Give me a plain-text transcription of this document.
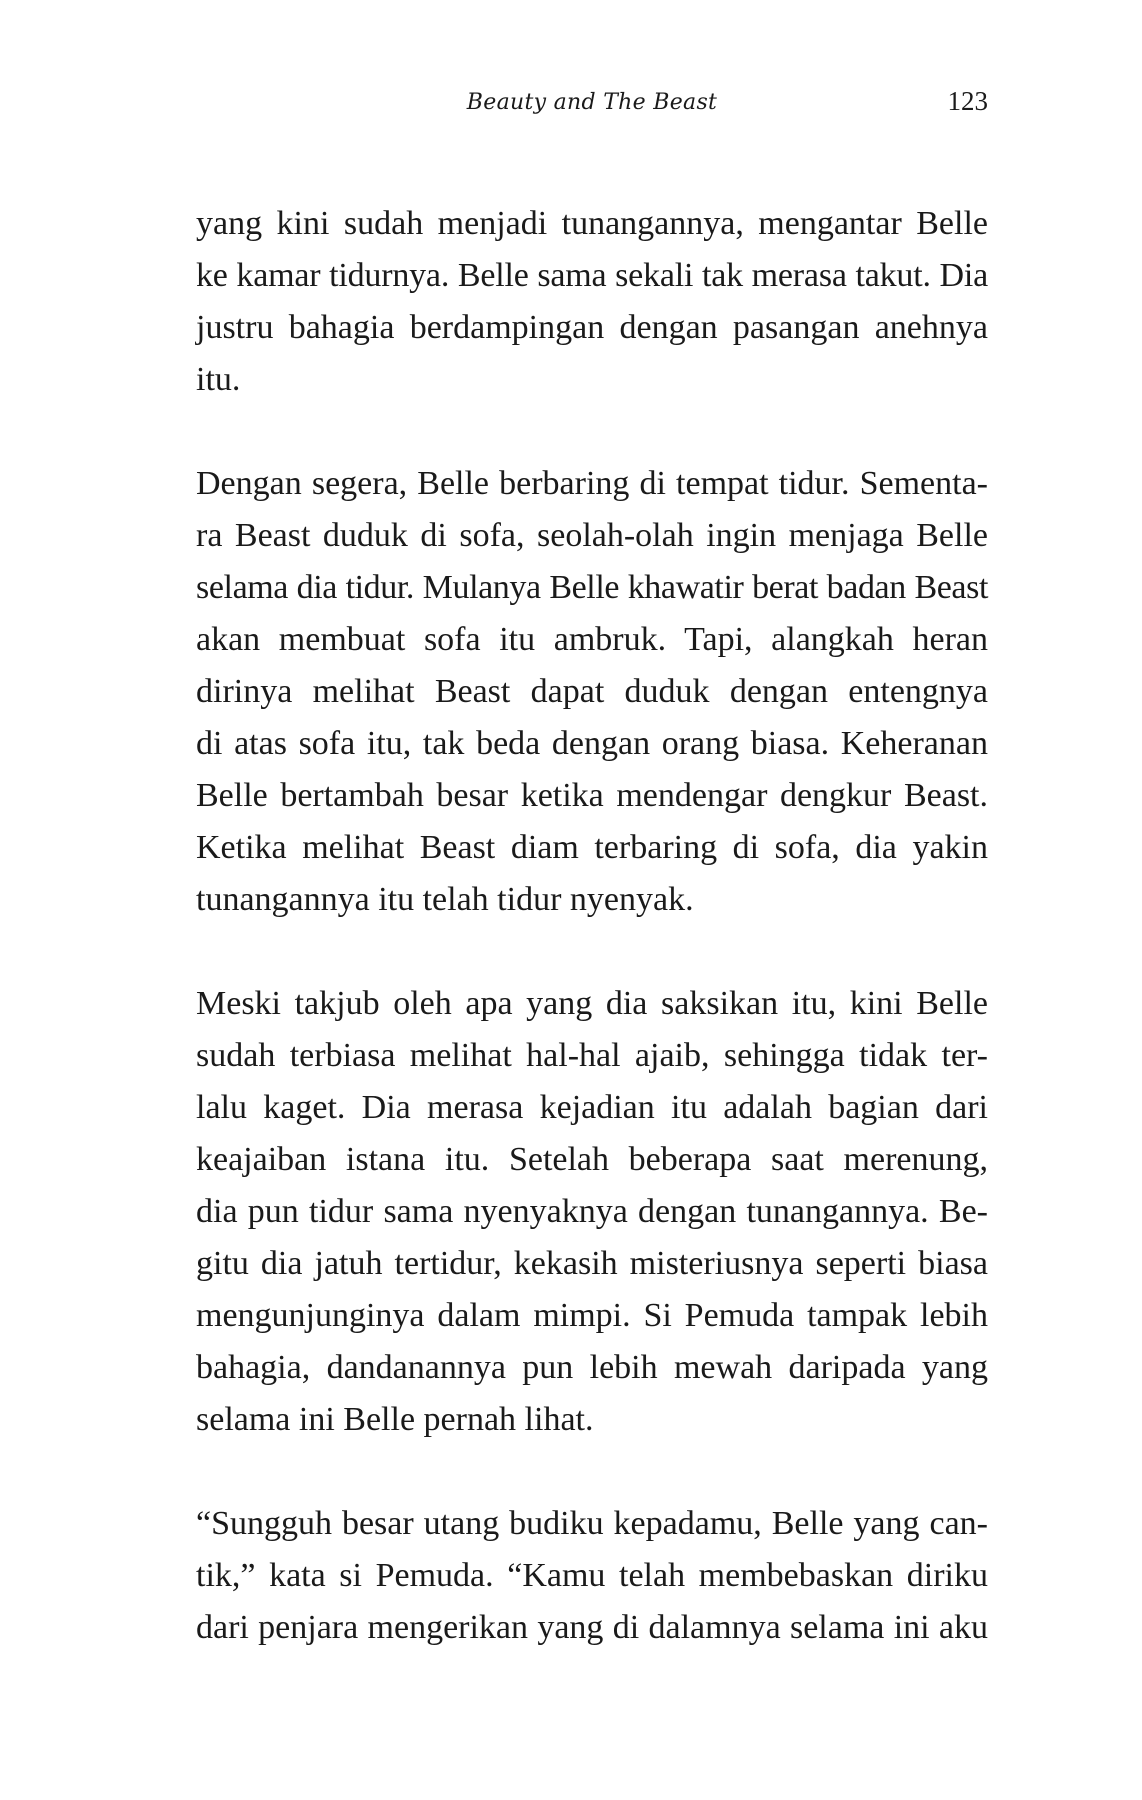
Beauty and The Beast	123

yang kini sudah menjadi tunangannya, mengantar Belle
ke kamar tidurnya. Belle sama sekali tak merasa takut. Dia
justru bahagia berdampingan dengan pasangan anehnya
itu.

Dengan segera, Belle berbaring di tempat tidur. Sementa-
ra Beast duduk di sofa, seolah-olah ingin menjaga Belle
selama dia tidur. Mulanya Belle khawatir berat badan Beast
akan membuat sofa itu ambruk. Tapi, alangkah heran
dirinya melihat Beast dapat duduk dengan entengnya
di atas sofa itu, tak beda dengan orang biasa. Keheranan
Belle bertambah besar ketika mendengar dengkur Beast.
Ketika melihat Beast diam terbaring di sofa, dia yakin
tunangannya itu telah tidur nyenyak.

Meski takjub oleh apa yang dia saksikan itu, kini Belle
sudah terbiasa melihat hal-hal ajaib, sehingga tidak ter-
lalu kaget. Dia merasa kejadian itu adalah bagian dari
keajaiban istana itu. Setelah beberapa saat merenung,
dia pun tidur sama nyenyaknya dengan tunangannya. Be-
gitu dia jatuh tertidur, kekasih misteriusnya seperti biasa
mengunjunginya dalam mimpi. Si Pemuda tampak lebih
bahagia, dandanannya pun lebih mewah daripada yang
selama ini Belle pernah lihat.

“Sungguh besar utang budiku kepadamu, Belle yang can-
tik,” kata si Pemuda. “Kamu telah membebaskan diriku
dari penjara mengerikan yang di dalamnya selama ini aku
